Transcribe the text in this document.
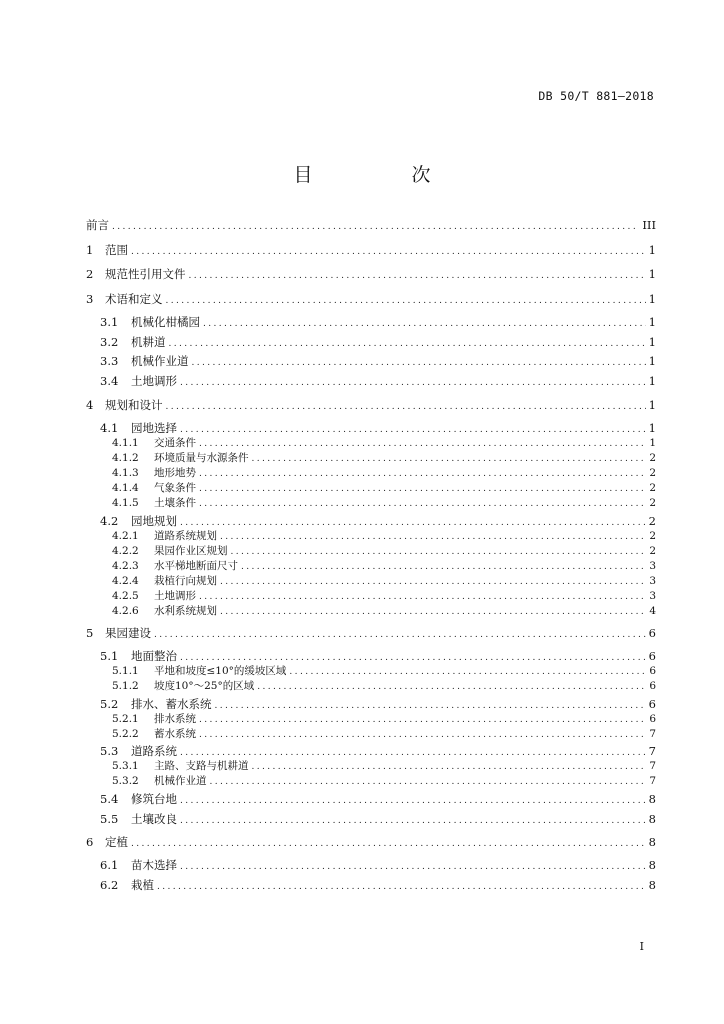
DB 50/T 881—2018
目　次
前言 .....	III
1	范围 .....	1
2	规范性引用文件 .....	1
3	术语和定义 .....	1
3.1	机械化柑橘园 .....	1
3.2	机耕道 .....	1
3.3	机械作业道 .....	1
3.4	土地调形 .....	1
4	规划和设计 .....	1
4.1	园地选择 .....	1
4.1.1	交通条件 .....	1
4.1.2	环境质量与水源条件 .....	2
4.1.3	地形地势 .....	2
4.1.4	气象条件 .....	2
4.1.5	土壤条件 .....	2
4.2	园地规划 .....	2
4.2.1	道路系统规划 .....	2
4.2.2	果园作业区规划 .....	2
4.2.3	水平梯地断面尺寸 .....	3
4.2.4	栽植行向规划 .....	3
4.2.5	土地调形 .....	3
4.2.6	水利系统规划 .....	4
5	果园建设 .....	6
5.1	地面整治 .....	6
5.1.1	平地和坡度≤10°的缓坡区域 .....	6
5.1.2	坡度10°～25°的区域 .....	6
5.2	排水、蓄水系统 .....	6
5.2.1	排水系统 .....	6
5.2.2	蓄水系统 .....	7
5.3	道路系统 .....	7
5.3.1	主路、支路与机耕道 .....	7
5.3.2	机械作业道 .....	7
5.4	修筑台地 .....	8
5.5	土壤改良 .....	8
6	定植 .....	8
6.1	苗木选择 .....	8
6.2	栽植 .....	8
I
